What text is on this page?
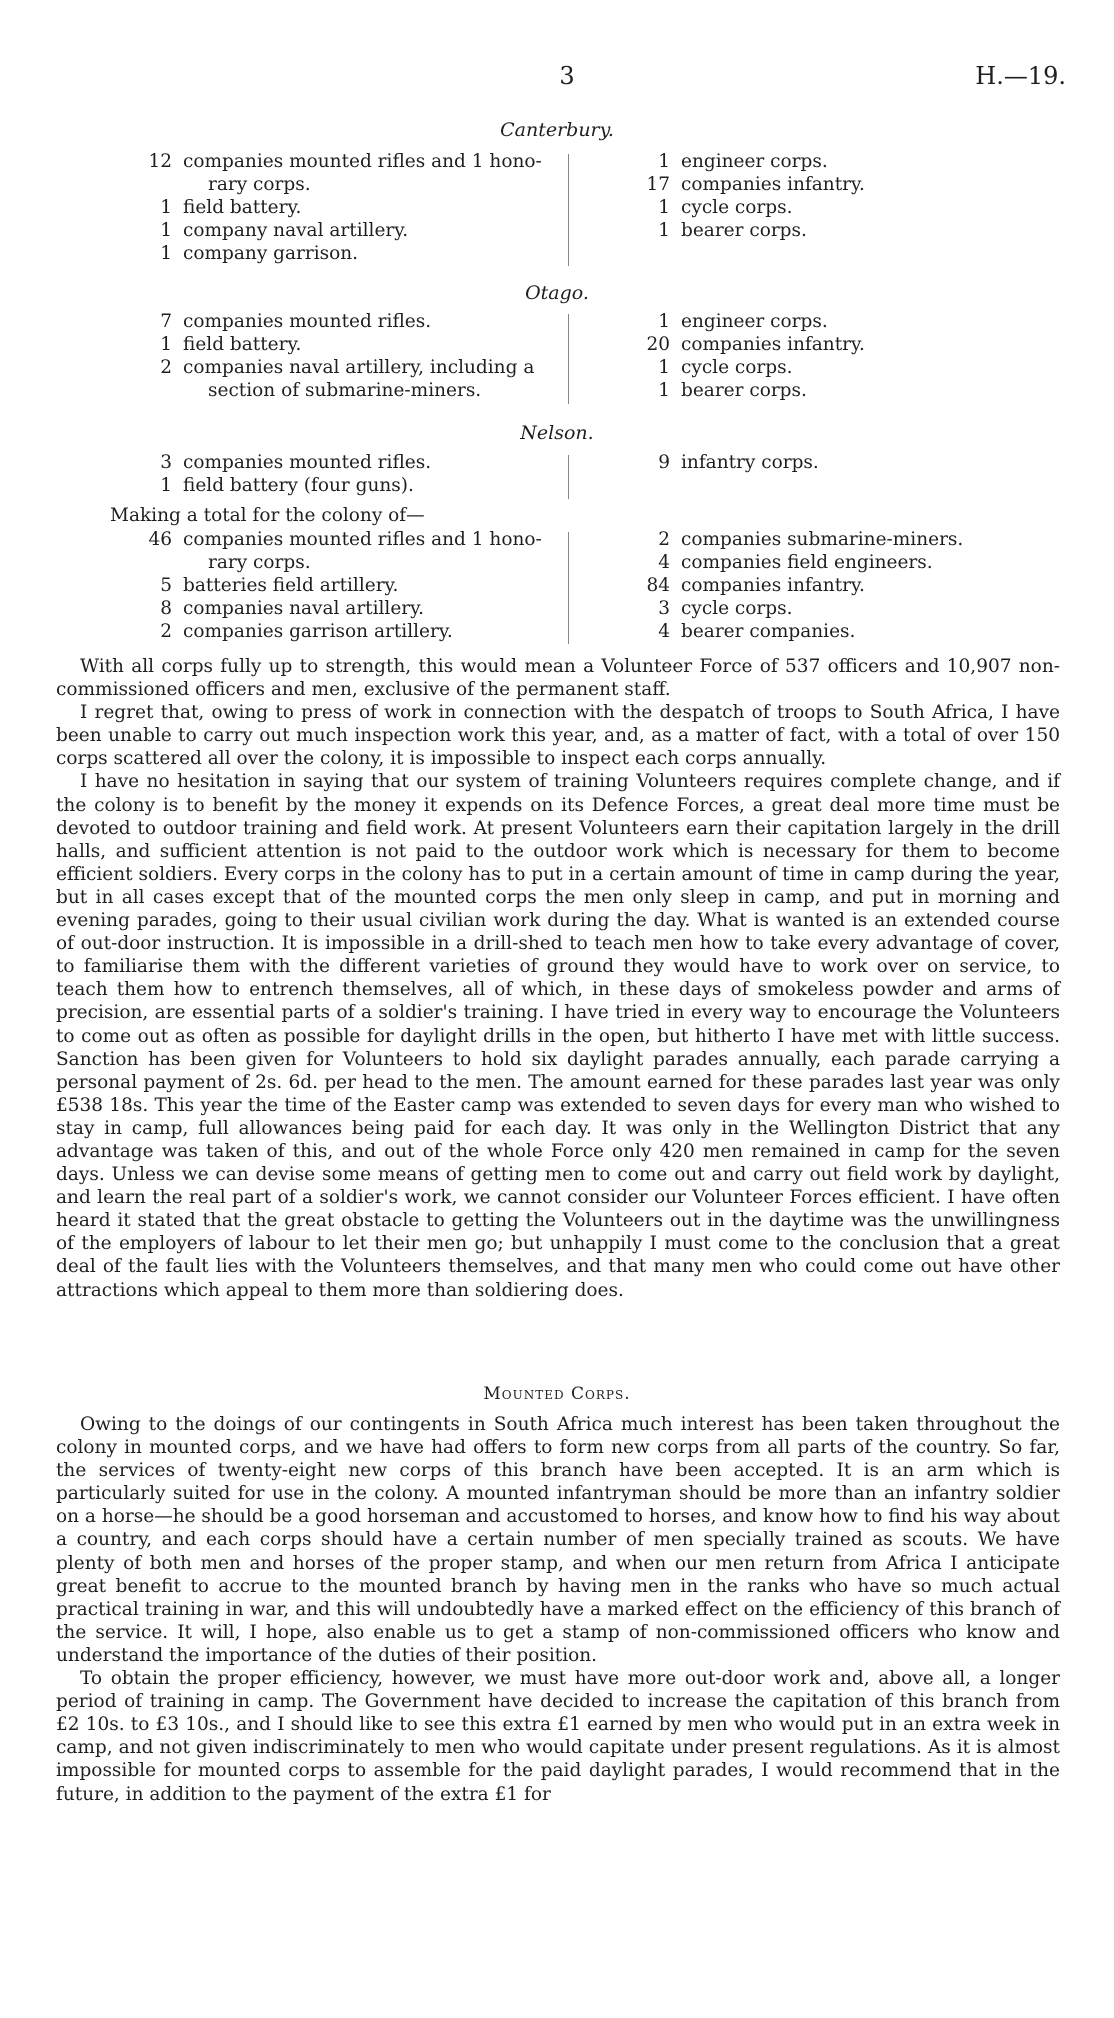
3	H.—19.
Canterbury.
12 companies mounted rifles and 1 hono-
rary corps.
1 field battery.
1 company naval artillery.
1 company garrison.
1 engineer corps.
17 companies infantry.
1 cycle corps.
1 bearer corps.
Otago.
7 companies mounted rifles.
1 field battery.
2 companies naval artillery, including a
section of submarine-miners.
1 engineer corps.
20 companies infantry.
1 cycle corps.
1 bearer corps.
Nelson.
3 companies mounted rifles.
1 field battery (four guns).
9 infantry corps.
Making a total for the colony of—
46 companies mounted rifles and 1 hono-
rary corps.
5 batteries field artillery.
8 companies naval artillery.
2 companies garrison artillery.
2 companies submarine-miners.
4 companies field engineers.
84 companies infantry.
3 cycle corps.
4 bearer companies.

With all corps fully up to strength, this would mean a Volunteer Force of 537 officers and 10,907 non-commissioned officers and men, exclusive of the permanent staff.

I regret that, owing to press of work in connection with the despatch of troops to South Africa, I have been unable to carry out much inspection work this year, and, as a matter of fact, with a total of over 150 corps scattered all over the colony, it is impossible to inspect each corps annually.

I have no hesitation in saying that our system of training Volunteers requires complete change, and if the colony is to benefit by the money it expends on its Defence Forces, a great deal more time must be devoted to outdoor training and field work. At present Volunteers earn their capitation largely in the drill halls, and sufficient attention is not paid to the outdoor work which is necessary for them to become efficient soldiers. Every corps in the colony has to put in a certain amount of time in camp during the year, but in all cases except that of the mounted corps the men only sleep in camp, and put in morning and evening parades, going to their usual civilian work during the day. What is wanted is an extended course of out-door instruction. It is impossible in a drill-shed to teach men how to take every advantage of cover, to familiarise them with the different varieties of ground they would have to work over on service, to teach them how to entrench themselves, all of which, in these days of smokeless powder and arms of precision, are essential parts of a soldier's training. I have tried in every way to encourage the Volunteers to come out as often as possible for daylight drills in the open, but hitherto I have met with little success. Sanction has been given for Volunteers to hold six daylight parades annually, each parade carrying a personal payment of 2s. 6d. per head to the men. The amount earned for these parades last year was only £538 18s. This year the time of the Easter camp was extended to seven days for every man who wished to stay in camp, full allowances being paid for each day. It was only in the Wellington District that any advantage was taken of this, and out of the whole Force only 420 men remained in camp for the seven days. Unless we can devise some means of getting men to come out and carry out field work by daylight, and learn the real part of a soldier's work, we cannot consider our Volunteer Forces efficient. I have often heard it stated that the great obstacle to getting the Volunteers out in the daytime was the unwillingness of the employers of labour to let their men go; but unhappily I must come to the conclusion that a great deal of the fault lies with the Volunteers themselves, and that many men who could come out have other attractions which appeal to them more than soldiering does.

Mounted Corps.

Owing to the doings of our contingents in South Africa much interest has been taken throughout the colony in mounted corps, and we have had offers to form new corps from all parts of the country. So far, the services of twenty-eight new corps of this branch have been accepted. It is an arm which is particularly suited for use in the colony. A mounted infantryman should be more than an infantry soldier on a horse—he should be a good horseman and accustomed to horses, and know how to find his way about a country, and each corps should have a certain number of men specially trained as scouts. We have plenty of both men and horses of the proper stamp, and when our men return from Africa I anticipate great benefit to accrue to the mounted branch by having men in the ranks who have so much actual practical training in war, and this will undoubtedly have a marked effect on the efficiency of this branch of the service. It will, I hope, also enable us to get a stamp of non-commissioned officers who know and understand the importance of the duties of their position.

To obtain the proper efficiency, however, we must have more out-door work and, above all, a longer period of training in camp. The Government have decided to increase the capitation of this branch from £2 10s. to £3 10s., and I should like to see this extra £1 earned by men who would put in an extra week in camp, and not given indiscriminately to men who would capitate under present regulations. As it is almost impossible for mounted corps to assemble for the paid daylight parades, I would recommend that in the future, in addition to the payment of the extra £1 for
